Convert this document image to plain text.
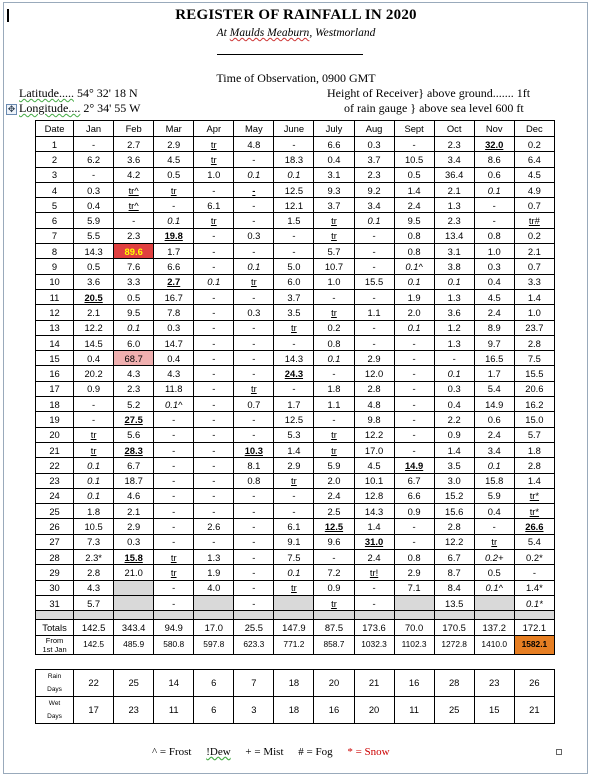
REGISTER OF RAINFALL IN 2020
At Maulds Meaburn, Westmorland
Time of Observation, 0900 GMT
Latitude..... 54° 32' 18 N
Longitude.... 2° 34' 55 W
Height of Receiver} above ground....... 1ft
of rain gauge } above sea level 600 ft
✥
Date	Jan	Feb	Mar	Apr	May	June	July	Aug	Sept	Oct	Nov	Dec
1	-	2.7	2.9	tr	4.8	-	6.6	0.3	-	2.3	32.0	0.2
2	6.2	3.6	4.5	tr	-	18.3	0.4	3.7	10.5	3.4	8.6	6.4
3	-	4.2	0.5	1.0	0.1	0.1	3.1	2.3	0.5	36.4	0.6	4.5
4	0.3	tr^	tr	-	-	12.5	9.3	9.2	1.4	2.1	0.1	4.9
5	0.4	tr^	-	6.1	-	12.1	3.7	3.4	2.4	1.3	-	0.7
6	5.9	-	0.1	tr	-	1.5	tr	0.1	9.5	2.3	-	tr#
7	5.5	2.3	19.8	-	0.3	-	tr	-	0.8	13.4	0.8	0.2
8	14.3	89.6	1.7	-	-	-	5.7	-	0.8	3.1	1.0	2.1
9	0.5	7.6	6.6	-	0.1	5.0	10.7	-	0.1^	3.8	0.3	0.7
10	3.6	3.3	2.7	0.1	tr	6.0	1.0	15.5	0.1	0.1	0.4	3.3
11	20.5	0.5	16.7	-	-	3.7	-	-	1.9	1.3	4.5	1.4
12	2.1	9.5	7.8	-	0.3	3.5	tr	1.1	2.0	3.6	2.4	1.0
13	12.2	0.1	0.3	-	-	tr	0.2	-	0.1	1.2	8.9	23.7
14	14.5	6.0	14.7	-	-	-	0.8	-	-	1.3	9.7	2.8
15	0.4	68.7	0.4	-	-	14.3	0.1	2.9	-	-	16.5	7.5
16	20.2	4.3	4.3	-	-	24.3	-	12.0	-	0.1	1.7	15.5
17	0.9	2.3	11.8	-	tr	-	1.8	2.8	-	0.3	5.4	20.6
18	-	5.2	0.1^	-	0.7	1.7	1.1	4.8	-	0.4	14.9	16.2
19	-	27.5	-	-	-	12.5	-	9.8	-	2.2	0.6	15.0
20	tr	5.6	-	-	-	5.3	tr	12.2	-	0.9	2.4	5.7
21	tr	28.3	-	-	10.3	1.4	tr	17.0	-	1.4	3.4	1.8
22	0.1	6.7	-	-	8.1	2.9	5.9	4.5	14.9	3.5	0.1	2.8
23	0.1	18.7	-	-	0.8	tr	2.0	10.1	6.7	3.0	15.8	1.4
24	0.1	4.6	-	-	-	-	2.4	12.8	6.6	15.2	5.9	tr*
25	1.8	2.1	-	-	-	-	2.5	14.3	0.9	15.6	0.4	tr*
26	10.5	2.9	-	2.6	-	6.1	12.5	1.4	-	2.8	-	26.6
27	7.3	0.3	-	-	-	9.1	9.6	31.0	-	12.2	tr	5.4
28	2.3*	15.8	tr	1.3	-	7.5	-	2.4	0.8	6.7	0.2+	0.2*
29	2.8	21.0	tr	1.9	-	0.1	7.2	tr!	2.9	8.7	0.5	-
30	4.3		-	4.0	-	tr	0.9	-	7.1	8.4	0.1^	1.4*
31	5.7		-		-		tr	-		13.5		0.1*

Totals	142.5	343.4	94.9	17.0	25.5	147.9	87.5	173.6	70.0	170.5	137.2	172.1

From
1st Jan	142.5	485.9	580.8	597.8	623.3	771.2	858.7	1032.3	1102.3	1272.8	1410.0	1582.1

Rain
Days	22	25	14	6	7	18	20	21	16	28	23	26

Wet
Days	17	23	11	6	3	18	16	20	11	25	15	21
^ = Frost !Dew + = Mist # = Fog * = Snow
